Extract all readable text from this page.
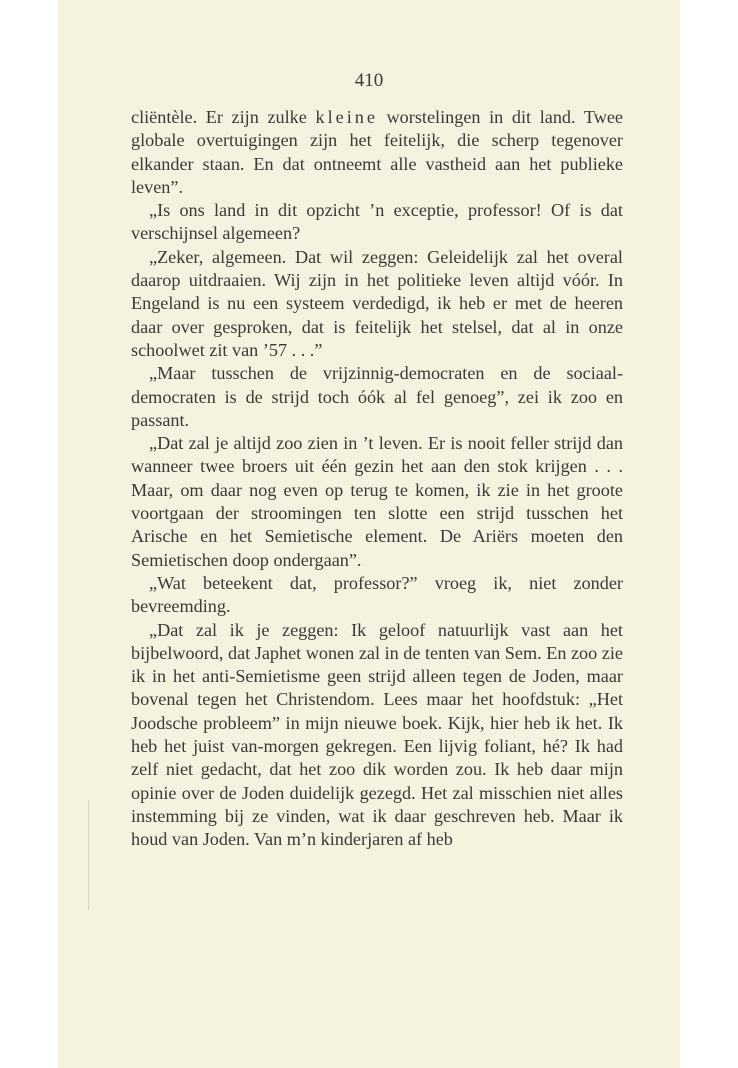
410

cliëntèle. Er zijn zulke kleine worstelingen in dit land. Twee globale overtuigingen zijn het feitelijk, die scherp tegenover elkander staan. En dat ontneemt alle vastheid aan het publieke leven”.

„Is ons land in dit opzicht ’n exceptie, professor! Of is dat verschijnsel algemeen?

„Zeker, algemeen. Dat wil zeggen: Geleidelijk zal het overal daarop uitdraaien. Wij zijn in het politieke leven altijd vóór. In Engeland is nu een systeem verdedigd, ik heb er met de heeren daar over gesproken, dat is feitelijk het stelsel, dat al in onze schoolwet zit van ’57 . . .”

„Maar tusschen de vrijzinnig-democraten en de sociaal-democraten is de strijd toch óók al fel genoeg”, zei ik zoo en passant.

„Dat zal je altijd zoo zien in ’t leven. Er is nooit feller strijd dan wanneer twee broers uit één gezin het aan den stok krijgen . . . Maar, om daar nog even op terug te komen, ik zie in het groote voortgaan der stroomingen ten slotte een strijd tusschen het Arische en het Semietische element. De Ariërs moeten den Semietischen doop ondergaan”.

„Wat beteekent dat, professor?” vroeg ik, niet zonder bevreemding.

„Dat zal ik je zeggen: Ik geloof natuurlijk vast aan het bijbelwoord, dat Japhet wonen zal in de tenten van Sem. En zoo zie ik in het anti-Semietisme geen strijd alleen tegen de Joden, maar bovenal tegen het Christendom. Lees maar het hoofdstuk: „Het Joodsche probleem” in mijn nieuwe boek. Kijk, hier heb ik het. Ik heb het juist van-morgen gekregen. Een lijvig foliant, hé? Ik had zelf niet gedacht, dat het zoo dik worden zou. Ik heb daar mijn opinie over de Joden duidelijk gezegd. Het zal misschien niet alles instemming bij ze vinden, wat ik daar geschreven heb. Maar ik houd van Joden. Van m’n kinderjaren af heb
